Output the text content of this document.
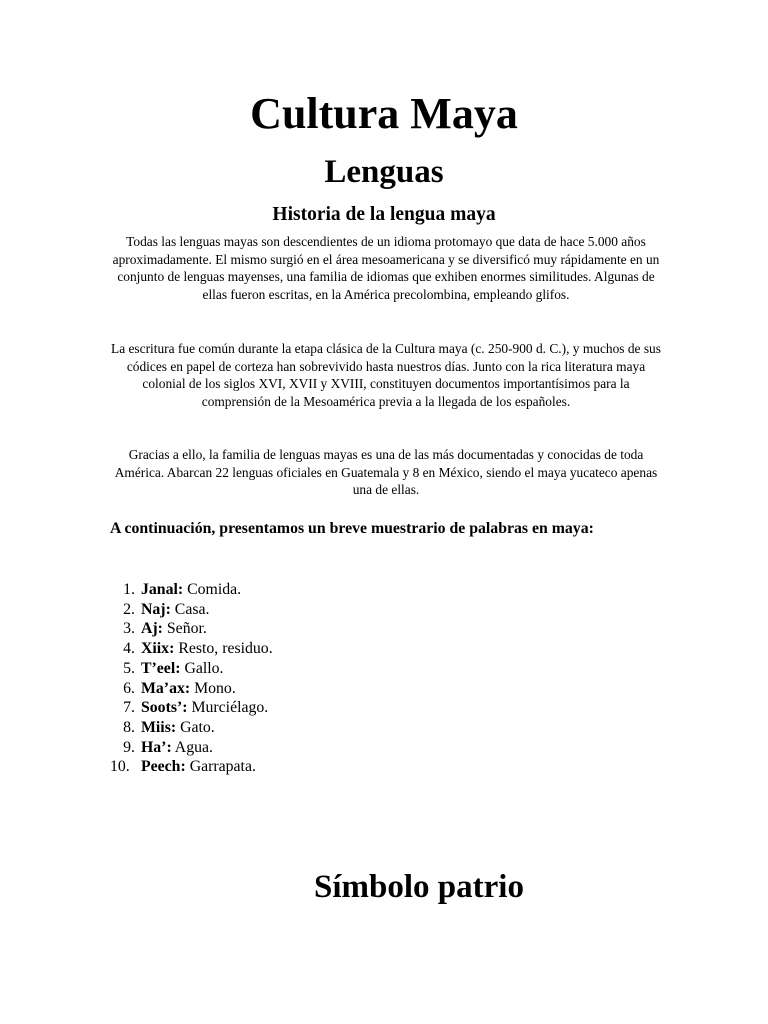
Cultura Maya
Lenguas
Historia de la lengua maya

Todas las lenguas mayas son descendientes de un idioma protomayo que data de hace 5.000 años aproximadamente. El mismo surgió en el área mesoamericana y se diversificó muy rápidamente en un conjunto de lenguas mayenses, una familia de idiomas que exhiben enormes similitudes. Algunas de ellas fueron escritas, en la América precolombina, empleando glifos.

La escritura fue común durante la etapa clásica de la Cultura maya (c. 250-900 d. C.), y muchos de sus códices en papel de corteza han sobrevivido hasta nuestros días. Junto con la rica literatura maya colonial de los siglos XVI, XVII y XVIII, constituyen documentos importantísimos para la comprensión de la Mesoamérica previa a la llegada de los españoles.

Gracias a ello, la familia de lenguas mayas es una de las más documentadas y conocidas de toda América. Abarcan 22 lenguas oficiales en Guatemala y 8 en México, siendo el maya yucateco apenas una de ellas.

A continuación, presentamos un breve muestrario de palabras en maya:

1. Janal: Comida.
2. Naj: Casa.
3. Aj: Señor.
4. Xiix: Resto, residuo.
5. T’eel: Gallo.
6. Ma’ax: Mono.
7. Soots’: Murciélago.
8. Miis: Gato.
9. Ha’: Agua.
10. Peech: Garrapata.
Símbolo patrio
